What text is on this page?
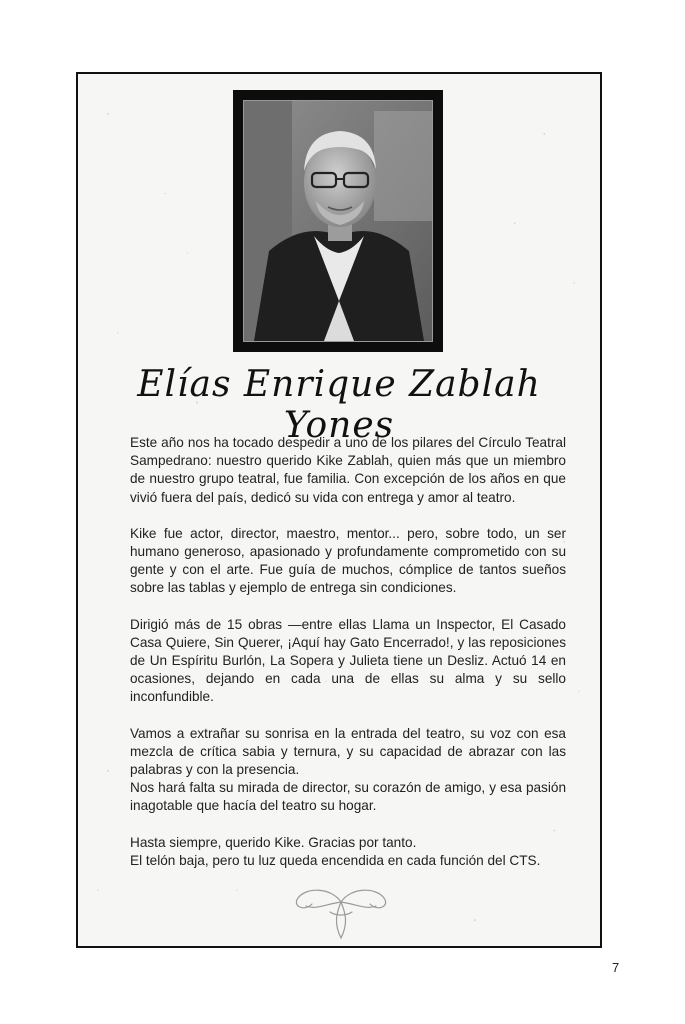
Elías Enrique Zablah Yones

Este año nos ha tocado despedir a uno de los pilares del Círculo Teatral Sampedrano: nuestro querido Kike Zablah, quien más que un miembro de nuestro grupo teatral, fue familia. Con excepción de los años en que vivió fuera del país, dedicó su vida con entrega y amor al teatro.

Kike fue actor, director, maestro, mentor... pero, sobre todo, un ser humano generoso, apasionado y profundamente comprometido con su gente y con el arte. Fue guía de muchos, cómplice de tantos sueños sobre las tablas y ejemplo de entrega sin condiciones.

Dirigió más de 15 obras —entre ellas Llama un Inspector, El Casado Casa Quiere, Sin Querer, ¡Aquí hay Gato Encerrado!, y las reposiciones de Un Espíritu Burlón, La Sopera y Julieta tiene un Desliz. Actuó 14 en ocasiones, dejando en cada una de ellas su alma y su sello inconfundible.

Vamos a extrañar su sonrisa en la entrada del teatro, su voz con esa mezcla de crítica sabia y ternura, y su capacidad de abrazar con las palabras y con la presencia.

Nos hará falta su mirada de director, su corazón de amigo, y esa pasión inagotable que hacía del teatro su hogar.

Hasta siempre, querido Kike. Gracias por tanto.

El telón baja, pero tu luz queda encendida en cada función del CTS.

7
